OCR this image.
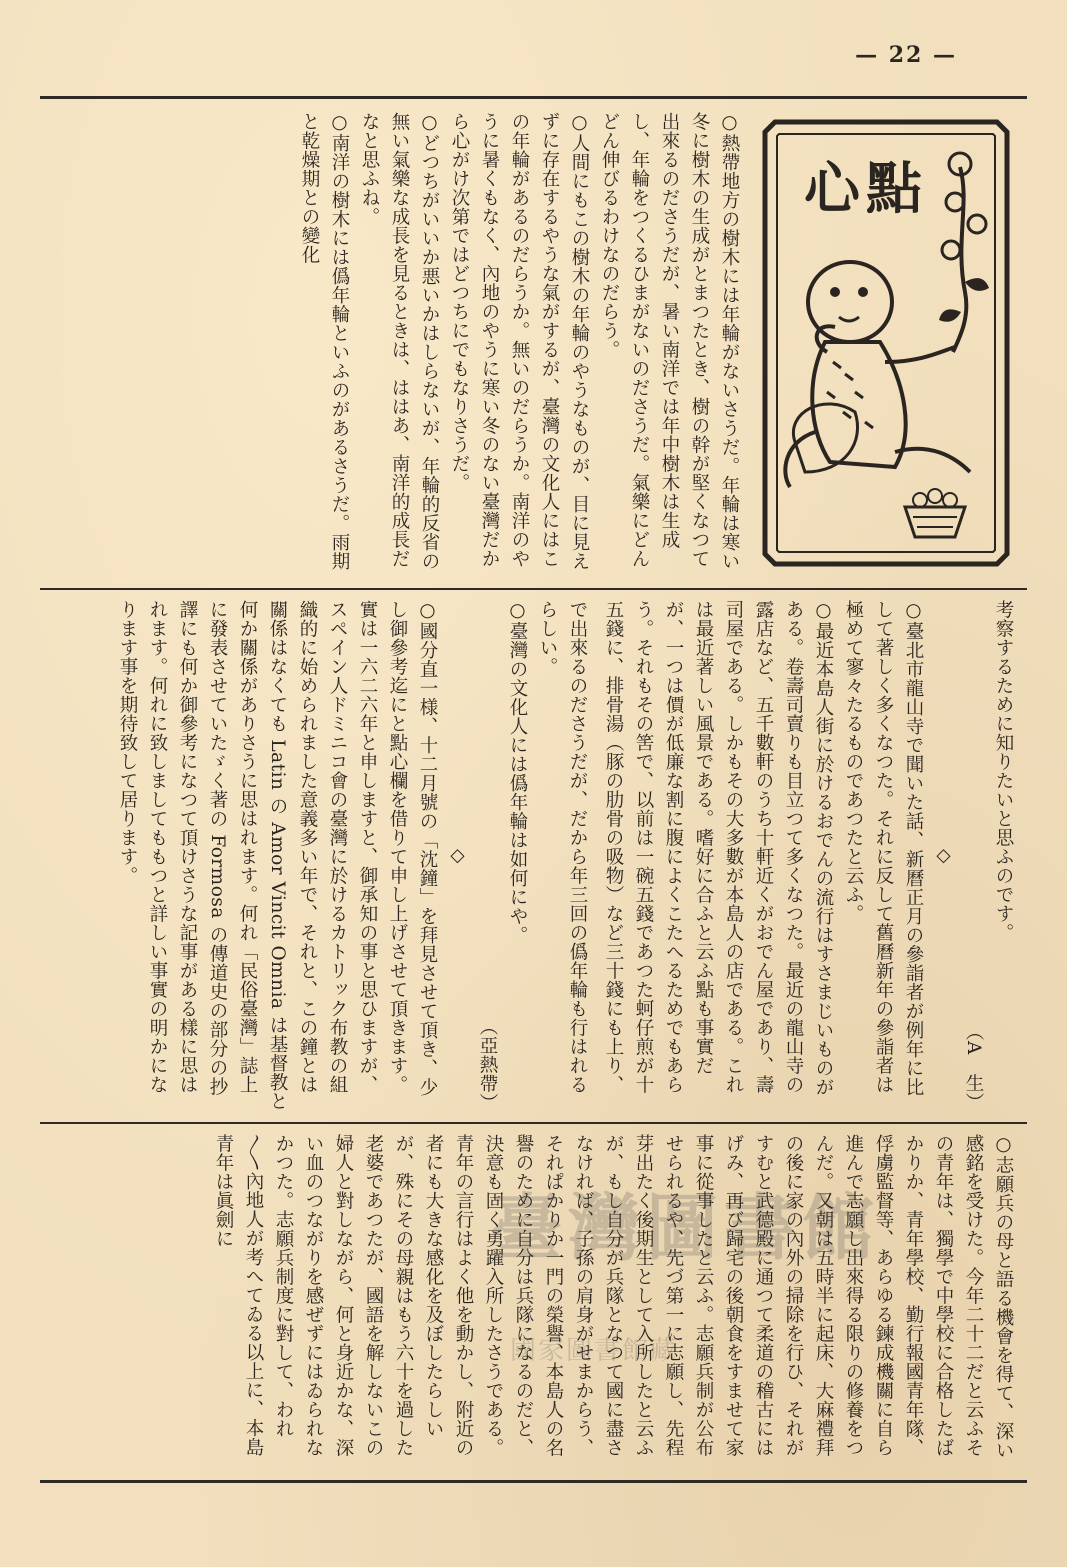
— 22 —
心點

○熱帶地方の樹木には年輪がないさうだ。年輪は寒い冬に樹木の生成がとまつたとき、樹の幹が堅くなつて出來るのださうだが、暑い南洋では年中樹木は生成し、年輪をつくるひまがないのださうだ。氣樂にどんどん伸びるわけなのだらう。

○人間にもこの樹木の年輪のやうなものが、目に見えずに存在するやうな氣がするが、臺灣の文化人にはこの年輪があるのだらうか。無いのだらうか。南洋のやうに暑くもなく、內地のやうに寒い冬のない臺灣だから心がけ次第ではどつちにでもなりさうだ。

○どつちがいいか悪いかはしらないが、年輪的反省の無い氣樂な成長を見るときは、ははあ、南洋的成長だなと思ふね。

○南洋の樹木には僞年輪といふのがあるさうだ。雨期と乾燥期との變化

で出來るのださうだが、だから年三回の僞年輪も行はれるらしい。

○臺灣の文化人には僞年輪は如何にや。

（亞熱帶）
◇

○國分直一様、十二月號の「沈鐘」を拜見させて頂き、少し御參考迄にと點心欄を借りて申し上げさせて頂きます。實は一六二六年と申しますと、御承知の事と思ひますが、スペイン人ドミニコ會の臺灣に於けるカトリック布教の組織的に始められました意義多い年で、それと、この鐘とは關係はなくても Latin の Amor Vincit Omnia は基督教と何か關係がありさうに思はれます。何れ「民俗臺灣」誌上に發表させていたゞく著の Formosa の傳道史の部分の抄譯にも何か御參考になつて頂けさうな記事がある樣に思はれます。何れに致しましてももつと詳しい事實の明かになります事を期待致して居ります。	考察するために知りたいと思ふのです。

（A　生）
◇

○臺北市龍山寺で聞いた話、新曆正月の參詣者が例年に比して著しく多くなつた。それに反して舊曆新年の參詣者は極めて寥々たるものであつたと云ふ。

○最近本島人街に於けるおでんの流行はすさまじいものがある。卷壽司賣りも目立つて多くなつた。最近の龍山寺の露店など、五千數軒のうち十軒近くがおでん屋であり、壽司屋である。しかもその大多數が本島人の店である。これは最近著しい風景である。嗜好に合ふと云ふ點も事實だが、一つは價が低廉な割に腹によくこたへるためでもあらう。それもその筈で、以前は一碗五錢であつた蚵仔煎が十五錢に、排骨湯（豚の肋骨の吸物）など三十錢にも上り、

○志願兵の母と語る機會を得て、深い感銘を受けた。今年二十二だと云ふその青年は、獨學で中學校に合格したばかりか、青年學校、勤行報國青年隊、俘虜監督等、あらゆる鍊成機關に自ら進んで志願し出來得る限りの修養をつんだ。又朝は五時半に起床、大麻禮拜の後に家の內外の掃除を行ひ、それがすむと武德殿に通つて柔道の稽古にはげみ、再び歸宅の後朝食をすませて家事に從事したと云ふ。志願兵制が公布せられるや、先づ第一に志願し、先程芽出たく後期生として入所したと云ふが、もし自分が兵隊となつて國に盡さなければ、子孫の肩身がせまからう、それぱかりか一門の榮譽、本島人の名譽のために自分は兵隊になるのだと、決意も固く勇躍入所したさうである。青年の言行はよく他を動かし、附近の者にも大きな感化を及ぼしたらしいが、殊にその母親はもう六十を過した老婆であつたが、國語を解しないこの婦人と對しながら、何と身近かな、深い血のつながりを感ぜずにはゐられなかつた。志願兵制度に對して、われ〳〵內地人が考へてゐる以上に、本島青年は眞劍に	臺灣圖書館
國家圖書館藏
